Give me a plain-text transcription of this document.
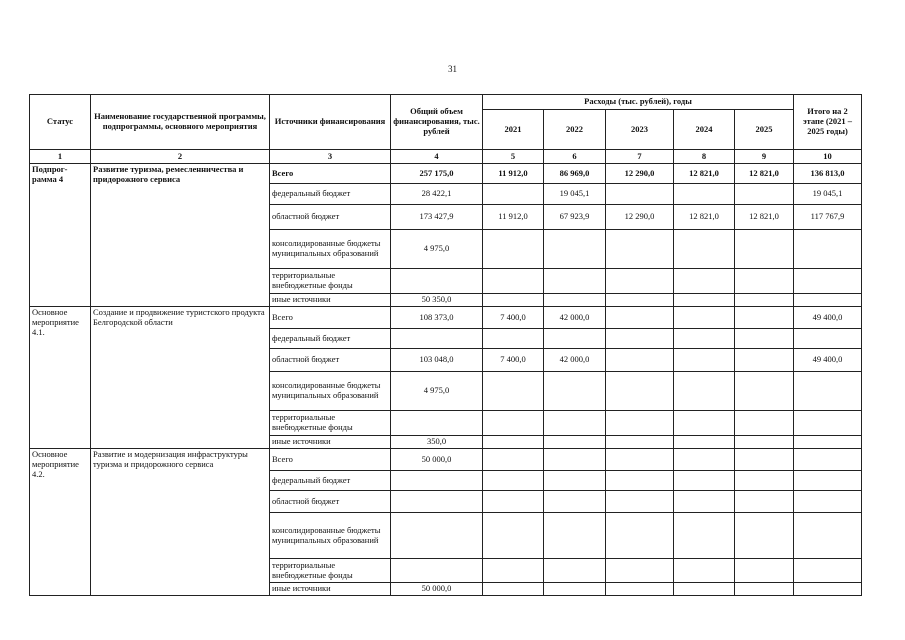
31
Статус	Наименование государственной программы, подпрограммы, основного мероприятия	Источники финансирования	Общий объем финансирования, тыс. рублей	Расходы (тыс. рублей), годы					Итого на 2 этапе (2021 – 2025 годы)
				2021	2022	2023	2024	2025	
1	2	3	4	5	6	7	8	9	10
Подпрог-рамма 4	Развитие туризма, ремесленничества и придорожного сервиса	Всего	257 175,0	11 912,0	86 969,0	12 290,0	12 821,0	12 821,0	136 813,0
		федеральный бюджет	28 422,1		19 045,1				19 045,1
		областной бюджет	173 427,9	11 912,0	67 923,9	12 290,0	12 821,0	12 821,0	117 767,9
		консолидированные бюджеты муниципальных образований	4 975,0						
		территориальные внебюджетные фонды							
		иные источники	50 350,0						
Основное мероприятие 4.1.	Создание и продвижение туристского продукта Белгородской области	Всего	108 373,0	7 400,0	42 000,0				49 400,0
		федеральный бюджет							
		областной бюджет	103 048,0	7 400,0	42 000,0				49 400,0
		консолидированные бюджеты муниципальных образований	4 975,0						
		территориальные внебюджетные фонды							
		иные источники	350,0						
Основное мероприятие 4.2.	Развитие и модернизация инфраструктуры туризма и придорожного сервиса	Всего	50 000,0						
		федеральный бюджет							
		областной бюджет							
		консолидированные бюджеты муниципальных образований							
		территориальные внебюджетные фонды							
		иные источники	50 000,0						
